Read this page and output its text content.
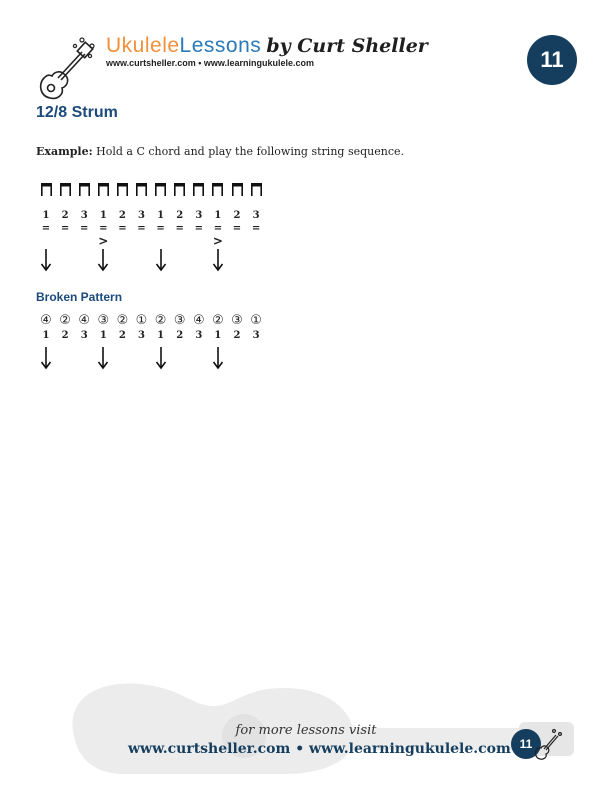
UkuleleLessons by Curt Sheller
www.curtsheller.com • www.learningukulele.com	11
12/8 Strum
Example: Hold a C chord and play the following string sequence.
Broken Pattern
for more lessons visit
www.curtsheller.com • www.learningukulele.com 11
1
=
2
=
3
=
1
=
>
2
=
3
=
1
=
2
=
3
=
1
=
>
2
=
3
=
④
1
②
2
④
3
③
1
②
2
①
3
②
1
③
2
④
3
②
1
③
2
①
3
